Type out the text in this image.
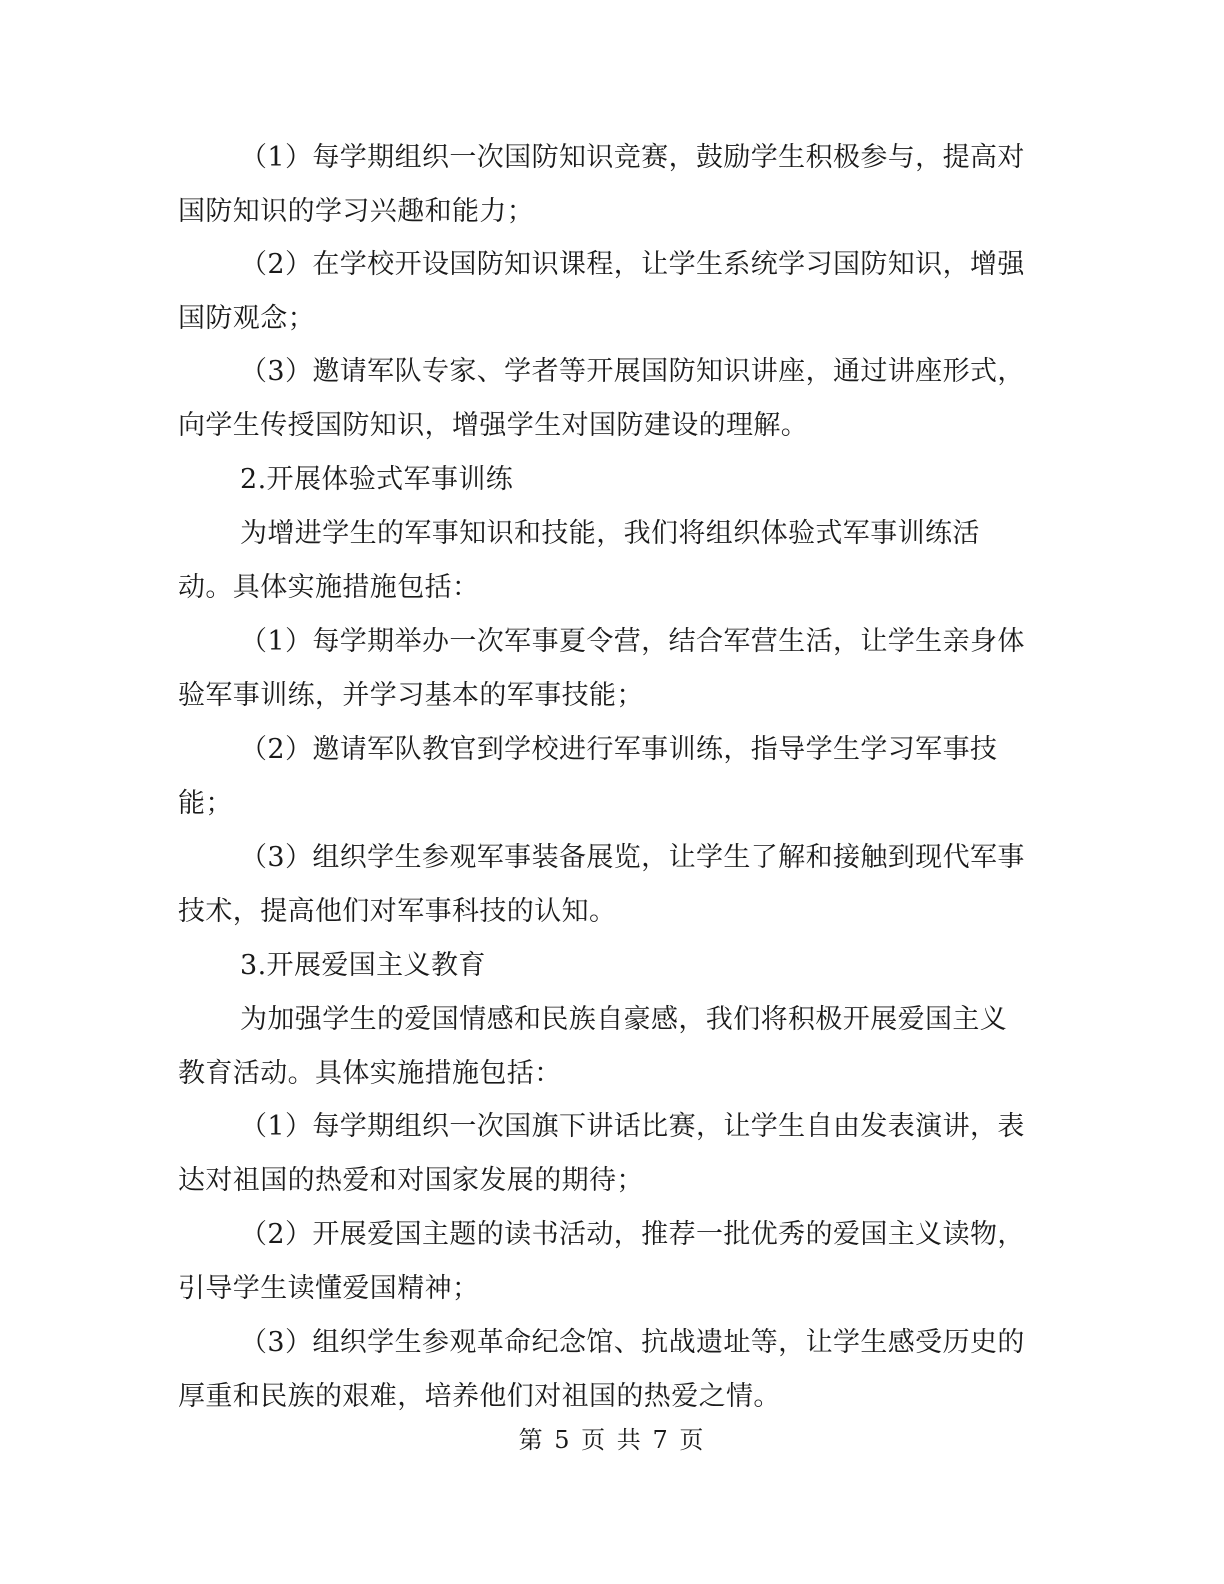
（1）每学期组织一次国防知识竞赛，鼓励学生积极参与，提高对
国防知识的学习兴趣和能力；
（2）在学校开设国防知识课程，让学生系统学习国防知识，增强
国防观念；
（3）邀请军队专家、学者等开展国防知识讲座，通过讲座形式，
向学生传授国防知识，增强学生对国防建设的理解。
2.开展体验式军事训练
为增进学生的军事知识和技能，我们将组织体验式军事训练活
动。具体实施措施包括：
（1）每学期举办一次军事夏令营，结合军营生活，让学生亲身体
验军事训练，并学习基本的军事技能；
（2）邀请军队教官到学校进行军事训练，指导学生学习军事技
能；
（3）组织学生参观军事装备展览，让学生了解和接触到现代军事
技术，提高他们对军事科技的认知。
3.开展爱国主义教育
为加强学生的爱国情感和民族自豪感，我们将积极开展爱国主义
教育活动。具体实施措施包括：
（1）每学期组织一次国旗下讲话比赛，让学生自由发表演讲，表
达对祖国的热爱和对国家发展的期待；
（2）开展爱国主题的读书活动，推荐一批优秀的爱国主义读物，
引导学生读懂爱国精神；
（3）组织学生参观革命纪念馆、抗战遗址等，让学生感受历史的
厚重和民族的艰难，培养他们对祖国的热爱之情。
第 5 页 共 7 页
